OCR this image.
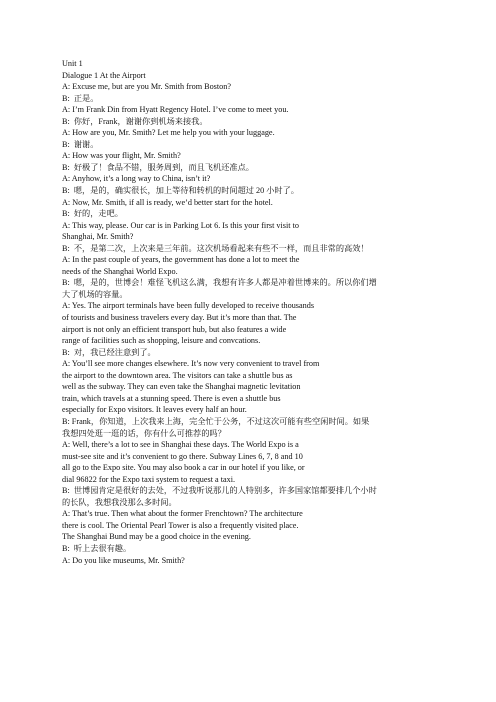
Unit 1
Dialogue 1 At the Airport
A: Excuse me, but are you Mr. Smith from Boston?
B:  正是。
A: I’m Frank Din from Hyatt Regency Hotel. I’ve come to meet you.
B:  你好，Frank，谢谢你到机场来接我。
A: How are you, Mr. Smith? Let me help you with your luggage.
B:  谢谢。
A: How was your flight, Mr. Smith?
B:  好极了！食品不错，服务周到，而且飞机还准点。
A: Anyhow, it’s a long way to China, isn’t it?
B:  嗯，是的，确实很长，加上等待和转机的时间超过 20 小时了。
A: Now, Mr. Smith, if all is ready, we’d better start for the hotel.
B:  好的，走吧。
A: This way, please. Our car is in Parking Lot 6. Is this your first visit to
Shanghai, Mr. Smith?
B:  不，是第二次，上次来是三年前。这次机场看起来有些不一样，而且非常的高效！
A: In the past couple of years, the government has done a lot to meet the
needs of the Shanghai World Expo.
B:  嗯，是的，世博会！难怪飞机这么满，我想有许多人都是冲着世博来的。所以你们增
大了机场的容量。
A: Yes. The airport terminals have been fully developed to receive thousands
of tourists and business travelers every day. But it’s more than that. The
airport is not only an efficient transport hub, but also features a wide
range of facilities such as shopping, leisure and convcations.
B:  对，我已经注意到了。
A: You’ll see more changes elsewhere. It’s now very convenient to travel from
the airport to the downtown area. The visitors can take a shuttle bus as
well as the subway. They can even take the Shanghai magnetic levitation
train, which travels at a stunning speed. There is even a shuttle bus
especially for Expo visitors. It leaves every half an hour.
B: Frank，你知道，上次我来上海，完全忙于公务，不过这次可能有些空闲时间。如果
我想四处逛一逛的话，你有什么可推荐的吗？
A: Well, there’s a lot to see in Shanghai these days. The World Expo is a
must-see site and it’s convenient to go there. Subway Lines 6, 7, 8 and 10
all go to the Expo site. You may also book a car in our hotel if you like, or
dial 96822 for the Expo taxi system to request a taxi.
B:  世博园肯定是很好的去处，不过我听说那儿的人特别多，许多国家馆都要排几个小时
的长队，我想我没那么多时间。
A: That’s true. Then what about the former Frenchtown? The architecture
there is cool. The Oriental Pearl Tower is also a frequently visited place.
The Shanghai Bund may be a good choice in the evening.
B:  听上去很有趣。
A: Do you like museums, Mr. Smith?
